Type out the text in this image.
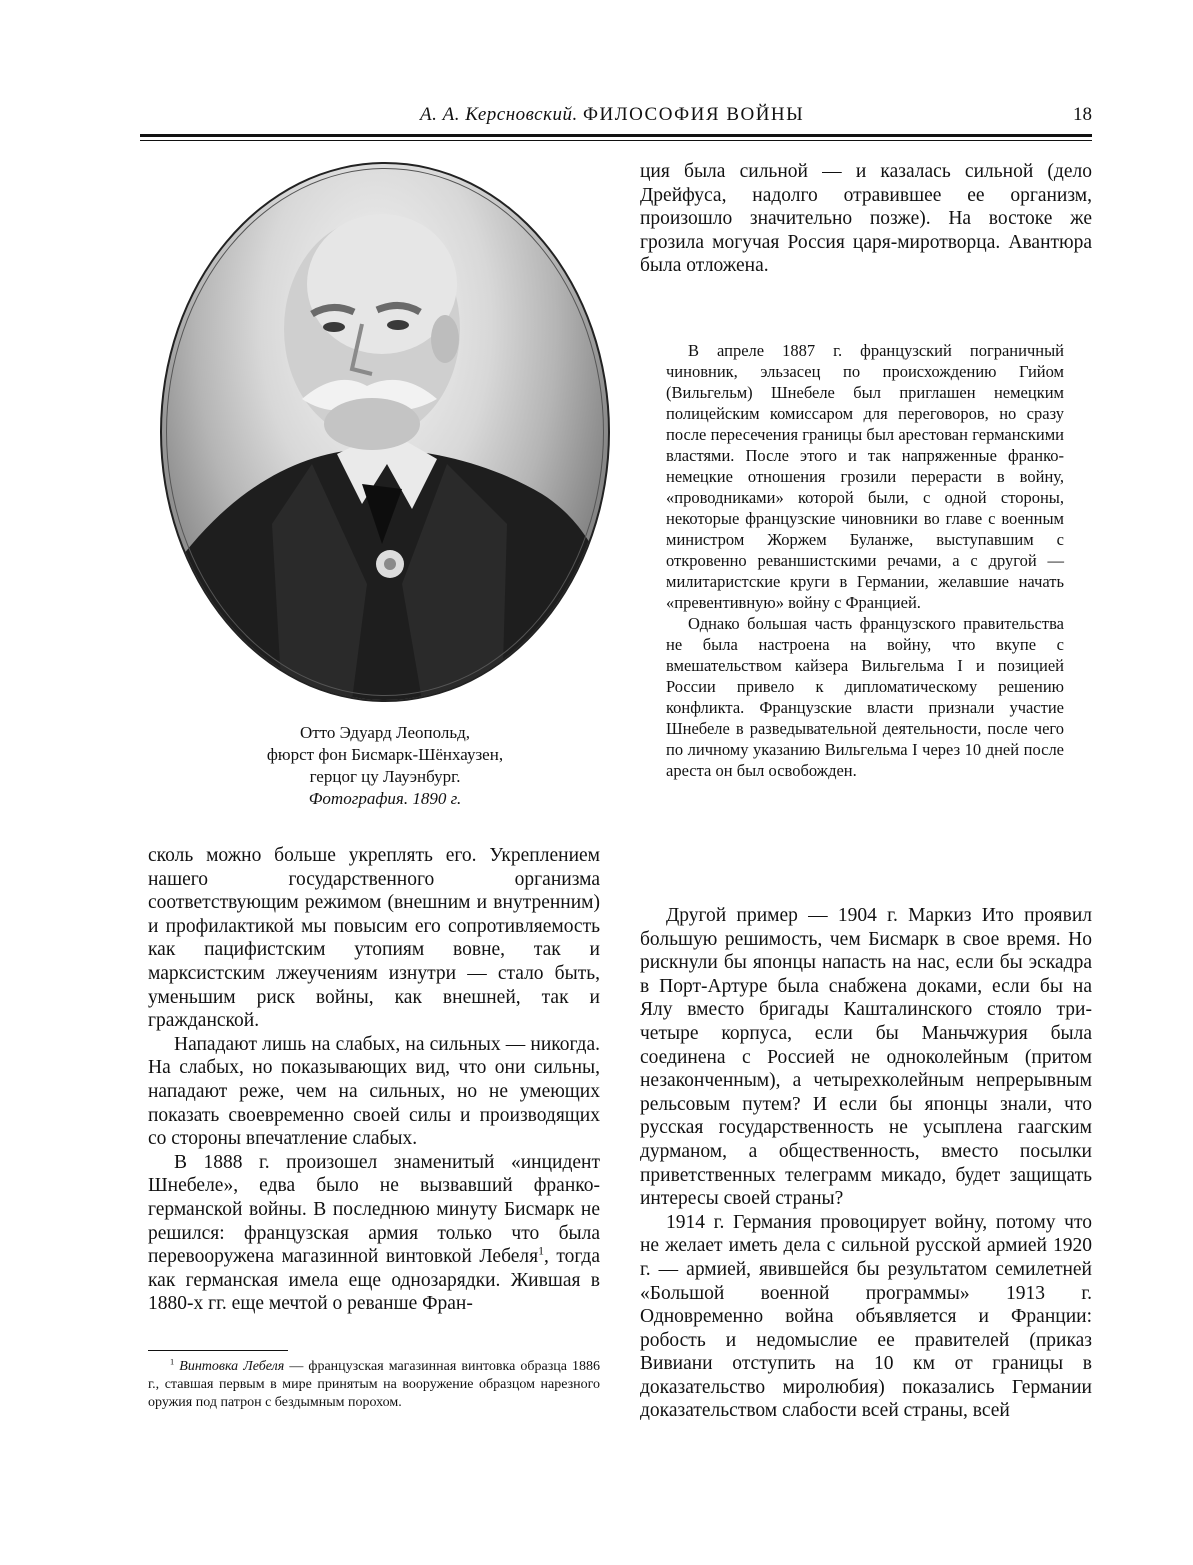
А. А. Керсновский. ФИЛОСОФИЯ ВОЙНЫ	18
Отто Эдуард Леопольд,
фюрст фон Бисмарк-Шёнхаузен,
герцог цу Лауэнбург.
Фотография. 1890 г.

ция была сильной — и казалась сильной (дело Дрейфуса, надолго отравившее ее организм, произошло значительно позже). На востоке же грозила могучая Россия царя-миротворца. Авантюра была отложена.

В апреле 1887 г. французский пограничный чиновник, эльзасец по происхождению Гийом (Вильгельм) Шнебеле был приглашен немецким полицейским комиссаром для переговоров, но сразу после пересечения границы был арестован германскими властями. После этого и так напряженные франко-немецкие отношения грозили перерасти в войну, «проводниками» которой были, с одной стороны, некоторые французские чиновники во главе с военным министром Жоржем Буланже, выступавшим с откровенно реваншистскими речами, а с другой — милитаристские круги в Германии, желавшие начать «превентивную» войну с Францией.

Однако большая часть французского правительства не была настроена на войну, что вкупе с вмешательством кайзера Вильгельма I и позицией России привело к дипломатическому решению конфликта. Французские власти признали участие Шнебеле в разведывательной деятельности, после чего по личному указанию Вильгельма I через 10 дней после ареста он был освобожден.

сколь можно больше укреплять его. Укреплением нашего государственного организма соответствующим режимом (внешним и внутренним) и профилактикой мы повысим его сопротивляемость как пацифистским утопиям вовне, так и марксистским лжеучениям изнутри — стало быть, уменьшим риск войны, как внешней, так и гражданской.

Нападают лишь на слабых, на сильных — никогда. На слабых, но показывающих вид, что они сильны, нападают реже, чем на сильных, но не умеющих показать своевременно своей силы и производящих со стороны впечатление слабых.

В 1888 г. произошел знаменитый «инцидент Шнебеле», едва было не вызвавший франко-германской войны. В последнюю минуту Бисмарк не решился: французская армия только что была перевооружена магазинной винтовкой Лебеля$^1$, тогда как германская имела еще однозарядки. Жившая в 1880-х гг. еще мечтой о реванше Фран-

Другой пример — 1904 г. Маркиз Ито проявил большую решимость, чем Бисмарк в свое время. Но рискнули бы японцы напасть на нас, если бы эскадра в Порт-Артуре была снабжена доками, если бы на Ялу вместо бригады Кашталинского стояло три-четыре корпуса, если бы Маньчжурия была соединена с Россией не одноколейным (притом незаконченным), а четырехколейным непрерывным рельсовым путем? И если бы японцы знали, что русская государственность не усыплена гаагским дурманом, а общественность, вместо посылки приветственных телеграмм микадо, будет защищать интересы своей страны?

1914 г. Германия провоцирует войну, потому что не желает иметь дела с сильной русской армией 1920 г. — армией, явившейся бы результатом семилетней «Большой военной программы» 1913 г. Одновременно война объявляется и Франции: робость и недомыслие ее правителей (приказ Вивиани отступить на 10 км от границы в доказательство миролюбия) показались Германии доказательством слабости всей страны, всей

$^1$ Винтовка Лебеля — французская магазинная винтовка образца 1886 г., ставшая первым в мире принятым на вооружение образцом нарезного оружия под патрон с бездымным порохом.
